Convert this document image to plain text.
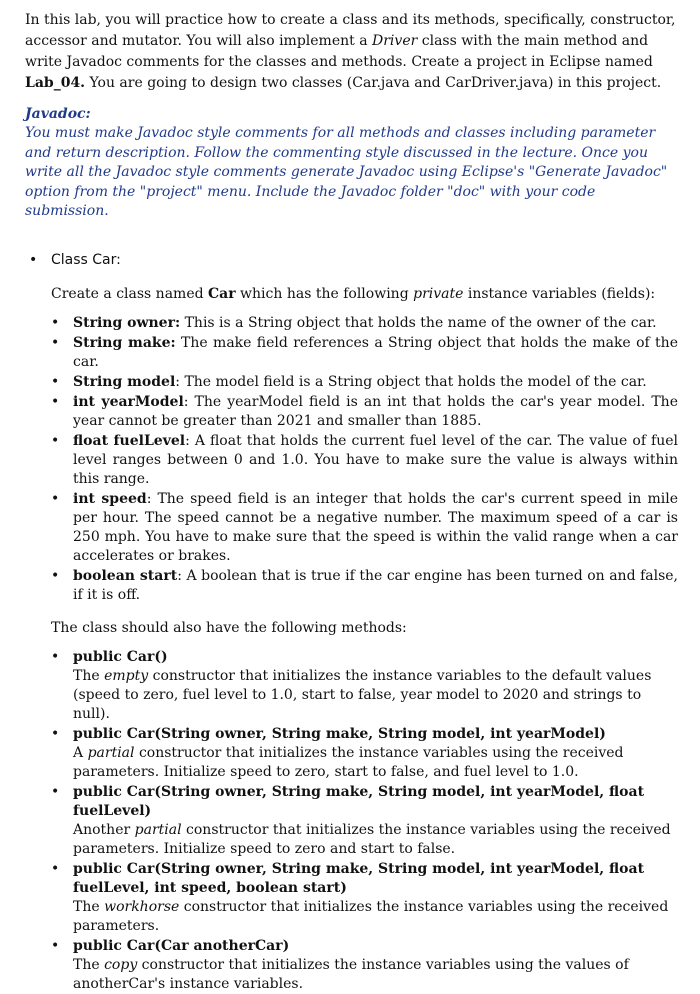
In this lab, you will practice how to create a class and its methods, specifically, constructor, accessor and mutator. You will also implement a Driver class with the main method and write Javadoc comments for the classes and methods. Create a project in Eclipse named Lab_04. You are going to design two classes (Car.java and CarDriver.java) in this project.

Javadoc:

You must make Javadoc style comments for all methods and classes including parameter and return description. Follow the commenting style discussed in the lecture. Once you write all the Javadoc style comments generate Javadoc using Eclipse's "Generate Javadoc" option from the "project" menu. Include the Javadoc folder "doc" with your code submission.

• Class Car:

Create a class named Car which has the following private instance variables (fields):

• String owner: This is a String object that holds the name of the owner of the car.
• String make: The make field references a String object that holds the make of the car.
• String model: The model field is a String object that holds the model of the car.
• int yearModel: The yearModel field is an int that holds the car's year model. The year cannot be greater than 2021 and smaller than 1885.
• float fuelLevel: A float that holds the current fuel level of the car. The value of fuel level ranges between 0 and 1.0. You have to make sure the value is always within this range.
• int speed: The speed field is an integer that holds the car's current speed in mile per hour. The speed cannot be a negative number. The maximum speed of a car is 250 mph. You have to make sure that the speed is within the valid range when a car accelerates or brakes.
• boolean start: A boolean that is true if the car engine has been turned on and false, if it is off.

The class should also have the following methods:

• public Car()
The empty constructor that initializes the instance variables to the default values (speed to zero, fuel level to 1.0, start to false, year model to 2020 and strings to null).
• public Car(String owner, String make, String model, int yearModel)
A partial constructor that initializes the instance variables using the received parameters. Initialize speed to zero, start to false, and fuel level to 1.0.
• public Car(String owner, String make, String model, int yearModel, float fuelLevel)
Another partial constructor that initializes the instance variables using the received parameters. Initialize speed to zero and start to false.
• public Car(String owner, String make, String model, int yearModel, float fuelLevel, int speed, boolean start)
The workhorse constructor that initializes the instance variables using the received parameters.
• public Car(Car anotherCar)
The copy constructor that initializes the instance variables using the values of anotherCar's instance variables.
